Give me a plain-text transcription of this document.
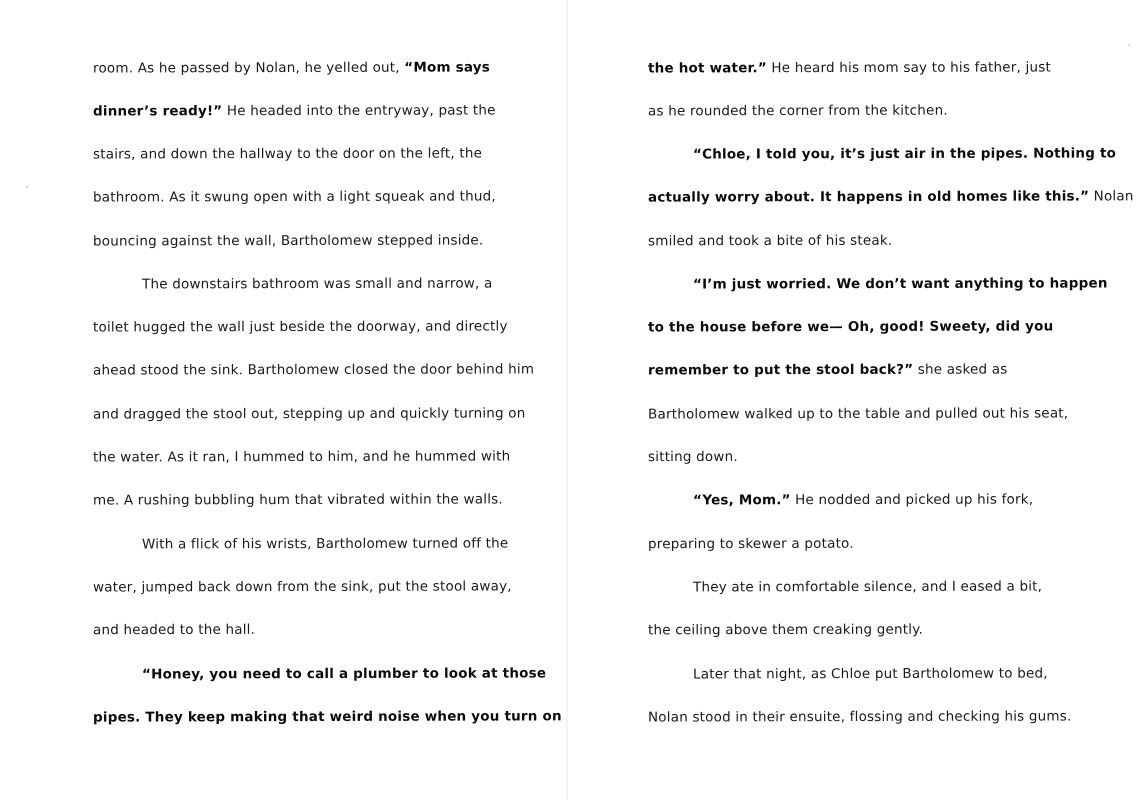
room. As he passed by Nolan, he yelled out, “Mom says
dinner’s ready!” He headed into the entryway, past the
stairs, and down the hallway to the door on the left, the
bathroom. As it swung open with a light squeak and thud,
bouncing against the wall, Bartholomew stepped inside.
The downstairs bathroom was small and narrow, a
toilet hugged the wall just beside the doorway, and directly
ahead stood the sink. Bartholomew closed the door behind him
and dragged the stool out, stepping up and quickly turning on
the water. As it ran, I hummed to him, and he hummed with
me. A rushing bubbling hum that vibrated within the walls.
With a flick of his wrists, Bartholomew turned off the
water, jumped back down from the sink, put the stool away,
and headed to the hall.
“Honey, you need to call a plumber to look at those
pipes. They keep making that weird noise when you turn on
the hot water.” He heard his mom say to his father, just
as he rounded the corner from the kitchen.
“Chloe, I told you, it’s just air in the pipes. Nothing to
actually worry about. It happens in old homes like this.” Nolan
smiled and took a bite of his steak.
“I’m just worried. We don’t want anything to happen
to the house before we— Oh, good! Sweety, did you
remember to put the stool back?” she asked as
Bartholomew walked up to the table and pulled out his seat,
sitting down.
“Yes, Mom.” He nodded and picked up his fork,
preparing to skewer a potato.
They ate in comfortable silence, and I eased a bit,
the ceiling above them creaking gently.
Later that night, as Chloe put Bartholomew to bed,
Nolan stood in their ensuite, flossing and checking his gums.
